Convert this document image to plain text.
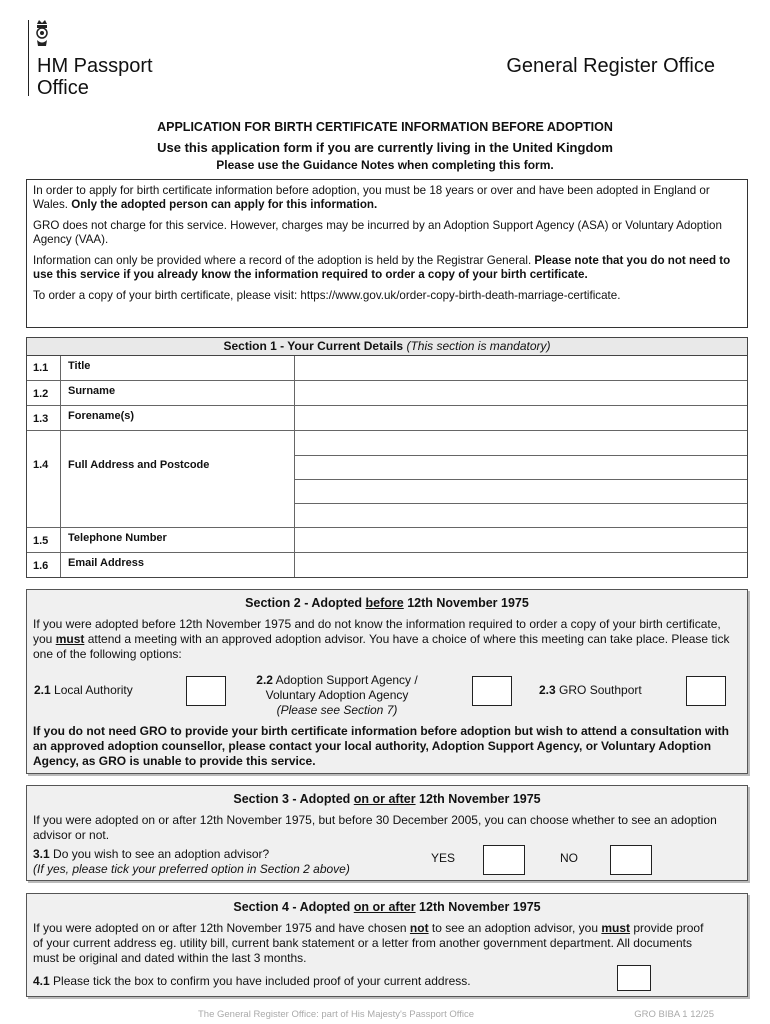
HM Passport
Office
General Register Office
APPLICATION FOR BIRTH CERTIFICATE INFORMATION BEFORE ADOPTION
Use this application form if you are currently living in the United Kingdom
Please use the Guidance Notes when completing this form.

In order to apply for birth certificate information before adoption, you must be 18 years or over and have been adopted in England or Wales. Only the adopted person can apply for this information.

GRO does not charge for this service. However, charges may be incurred by an Adoption Support Agency (ASA) or Voluntary Adoption Agency (VAA).

Information can only be provided where a record of the adoption is held by the Registrar General. Please note that you do not need to use this service if you already know the information required to order a copy of your birth certificate.

To order a copy of your birth certificate, please visit: https://www.gov.uk/order-copy-birth-death-marriage-certificate.

Section 1 - Your Current Details (This section is mandatory)
1.1	Title
1.2	Surname
1.3	Forename(s)
1.4	Full Address and Postcode
1.5	Telephone Number
1.6	Email Address
Section 2 - Adopted before 12th November 1975
If you were adopted before 12th November 1975 and do not know the information required to order a copy of your birth certificate, you must attend a meeting with an approved adoption advisor. You have a choice of where this meeting can take place. Please tick one of the following options:
2.1 Local Authority
2.2 Adoption Support Agency /
Voluntary Adoption Agency
(Please see Section 7)
2.3 GRO Southport
If you do not need GRO to provide your birth certificate information before adoption but wish to attend a consultation with an approved adoption counsellor, please contact your local authority, Adoption Support Agency, or Voluntary Adoption Agency, as GRO is unable to provide this service.
Section 3 - Adopted on or after 12th November 1975
If you were adopted on or after 12th November 1975, but before 30 December 2005, you can choose whether to see an adoption advisor or not.
3.1 Do you wish to see an adoption advisor?
(If yes, please tick your preferred option in Section 2 above)
YES	NO
Section 4 - Adopted on or after 12th November 1975
If you were adopted on or after 12th November 1975 and have chosen not to see an adoption advisor, you must provide proof of your current address eg. utility bill, current bank statement or a letter from another government department. All documents must be original and dated within the last 3 months.
4.1 Please tick the box to confirm you have included proof of your current address.
The General Register Office: part of His Majesty's Passport Office	GRO BIBA 1 12/25
